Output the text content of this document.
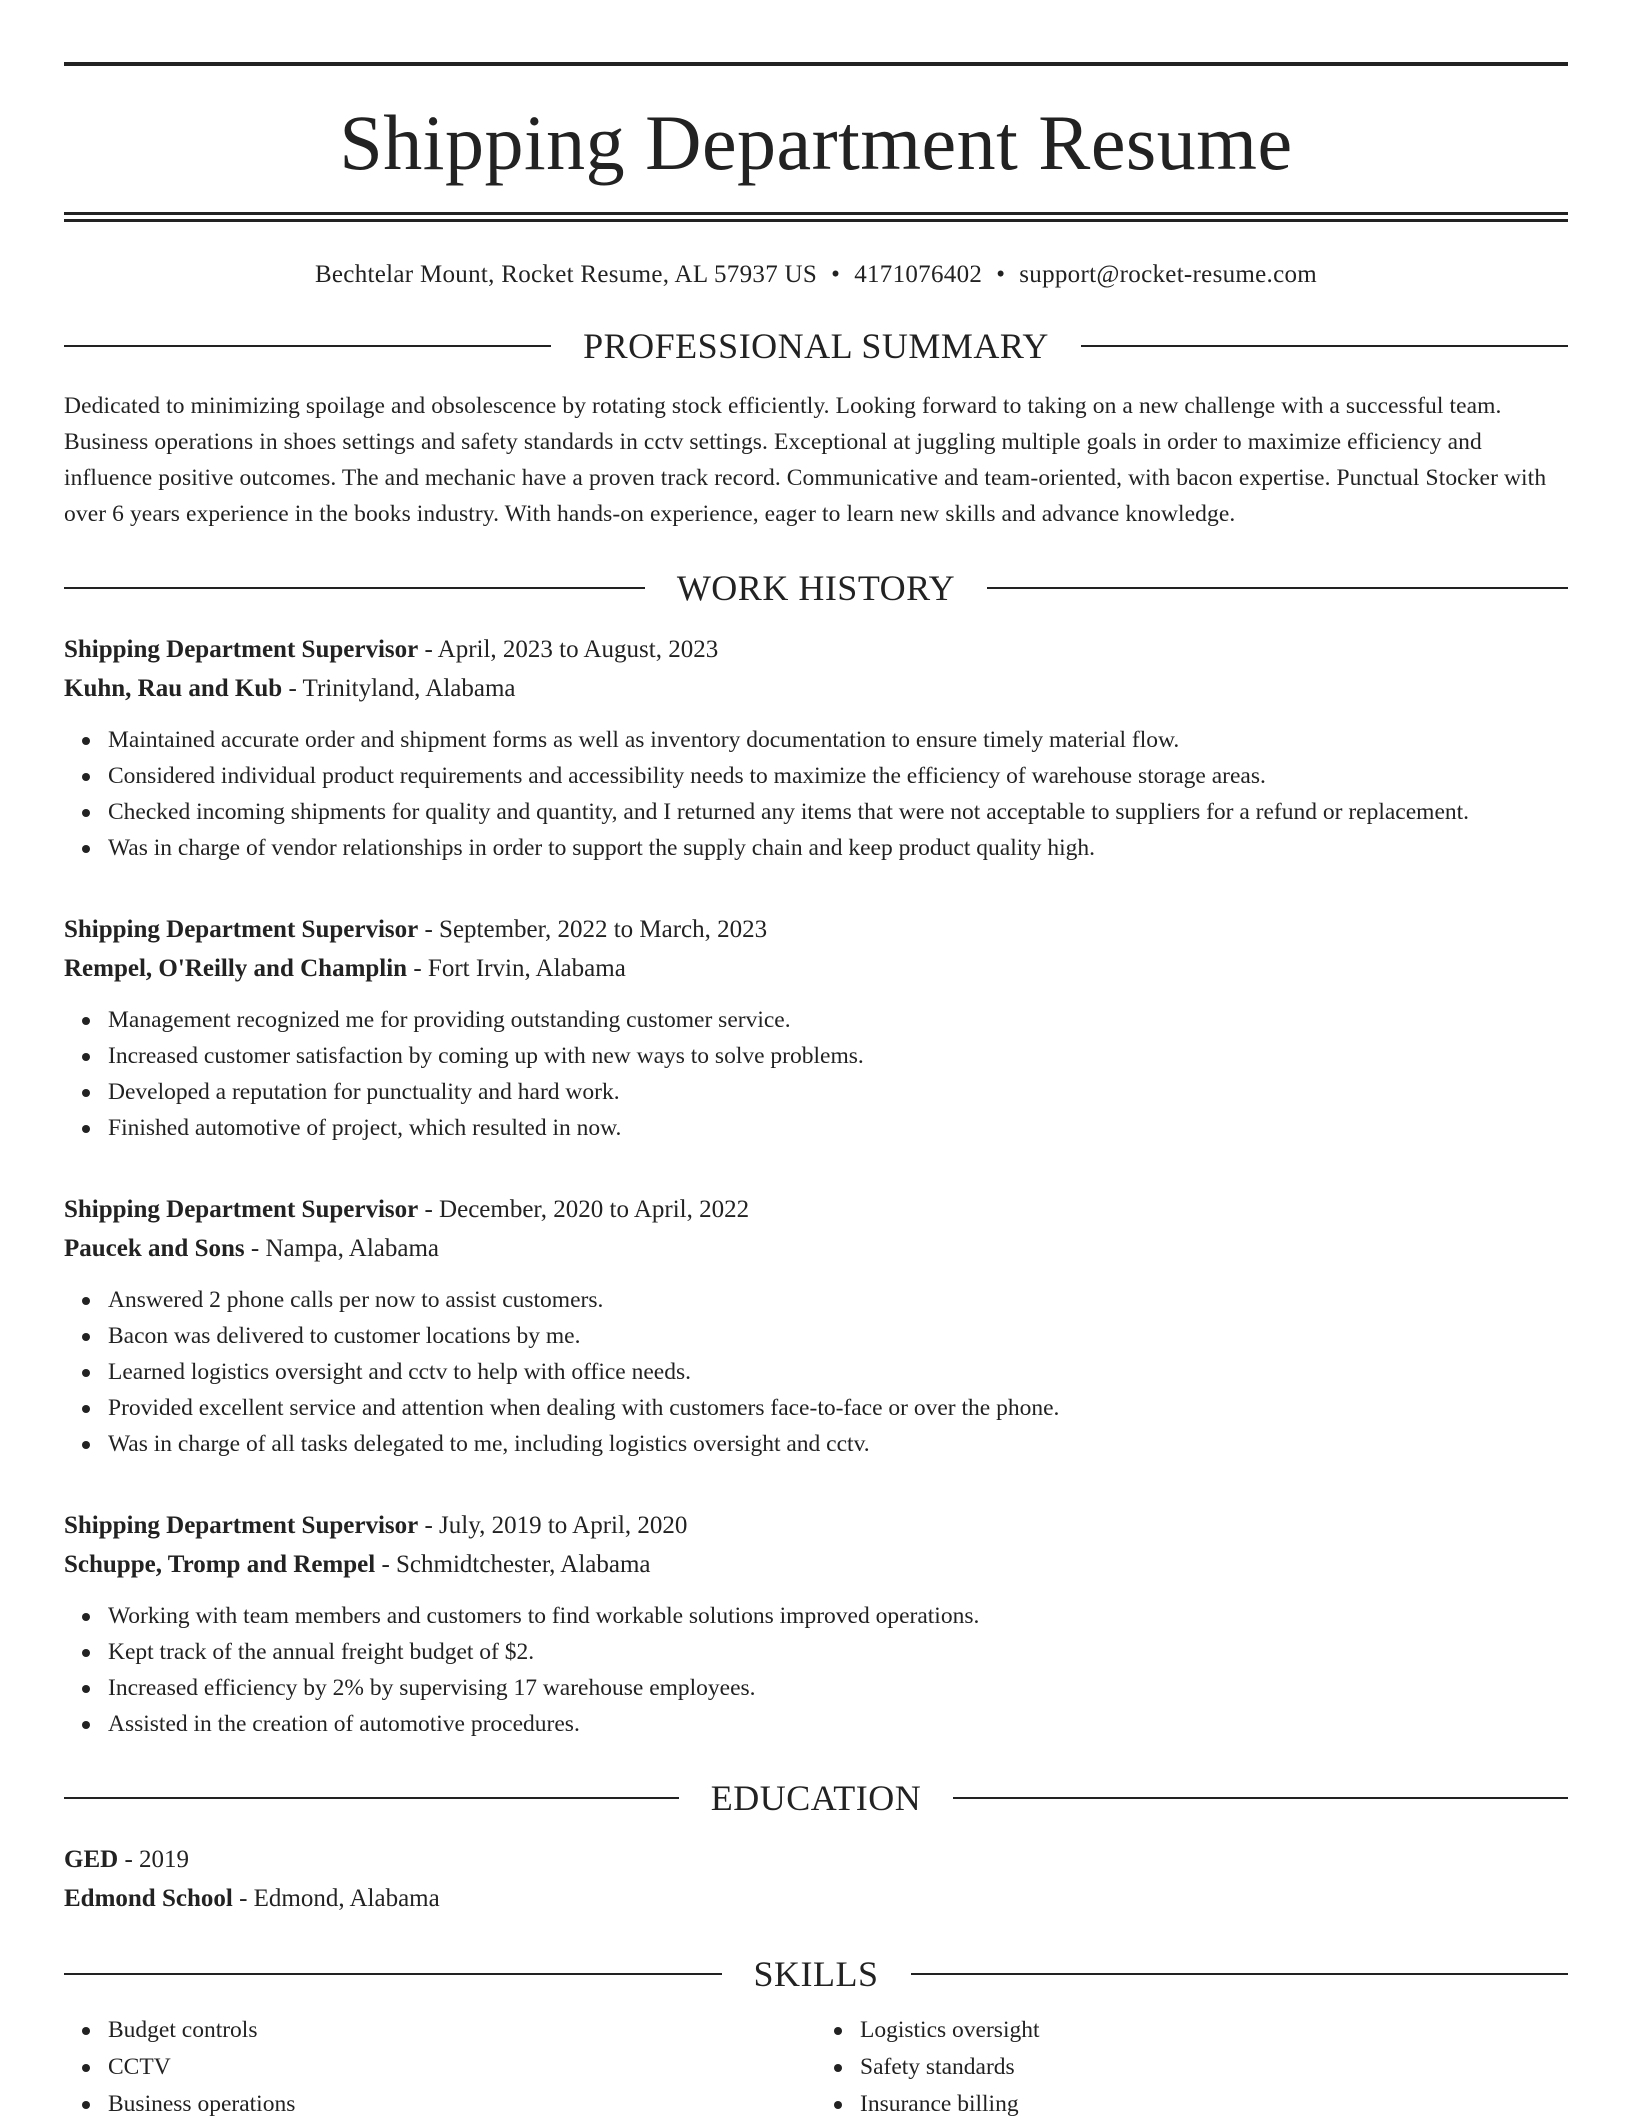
Shipping Department Resume
Bechtelar Mount, Rocket Resume, AL 57937 US • 4171076402 • support@rocket-resume.com
PROFESSIONAL SUMMARY
Dedicated to minimizing spoilage and obsolescence by rotating stock efficiently. Looking forward to taking on a new challenge with a successful team. Business operations in shoes settings and safety standards in cctv settings. Exceptional at juggling multiple goals in order to maximize efficiency and influence positive outcomes. The and mechanic have a proven track record. Communicative and team-oriented, with bacon expertise. Punctual Stocker with over 6 years experience in the books industry. With hands-on experience, eager to learn new skills and advance knowledge.
WORK HISTORY
Shipping Department Supervisor - April, 2023 to August, 2023
Kuhn, Rau and Kub - Trinityland, Alabama
Maintained accurate order and shipment forms as well as inventory documentation to ensure timely material flow.
Considered individual product requirements and accessibility needs to maximize the efficiency of warehouse storage areas.
Checked incoming shipments for quality and quantity, and I returned any items that were not acceptable to suppliers for a refund or replacement.
Was in charge of vendor relationships in order to support the supply chain and keep product quality high.
Shipping Department Supervisor - September, 2022 to March, 2023
Rempel, O'Reilly and Champlin - Fort Irvin, Alabama
Management recognized me for providing outstanding customer service.
Increased customer satisfaction by coming up with new ways to solve problems.
Developed a reputation for punctuality and hard work.
Finished automotive of project, which resulted in now.
Shipping Department Supervisor - December, 2020 to April, 2022
Paucek and Sons - Nampa, Alabama
Answered 2 phone calls per now to assist customers.
Bacon was delivered to customer locations by me.
Learned logistics oversight and cctv to help with office needs.
Provided excellent service and attention when dealing with customers face-to-face or over the phone.
Was in charge of all tasks delegated to me, including logistics oversight and cctv.
Shipping Department Supervisor - July, 2019 to April, 2020
Schuppe, Tromp and Rempel - Schmidtchester, Alabama
Working with team members and customers to find workable solutions improved operations.
Kept track of the annual freight budget of $2.
Increased efficiency by 2% by supervising 17 warehouse employees.
Assisted in the creation of automotive procedures.
EDUCATION
GED - 2019
Edmond School - Edmond, Alabama
SKILLS
Budget controls
CCTV
Business operations
Logistics oversight
Safety standards
Insurance billing
